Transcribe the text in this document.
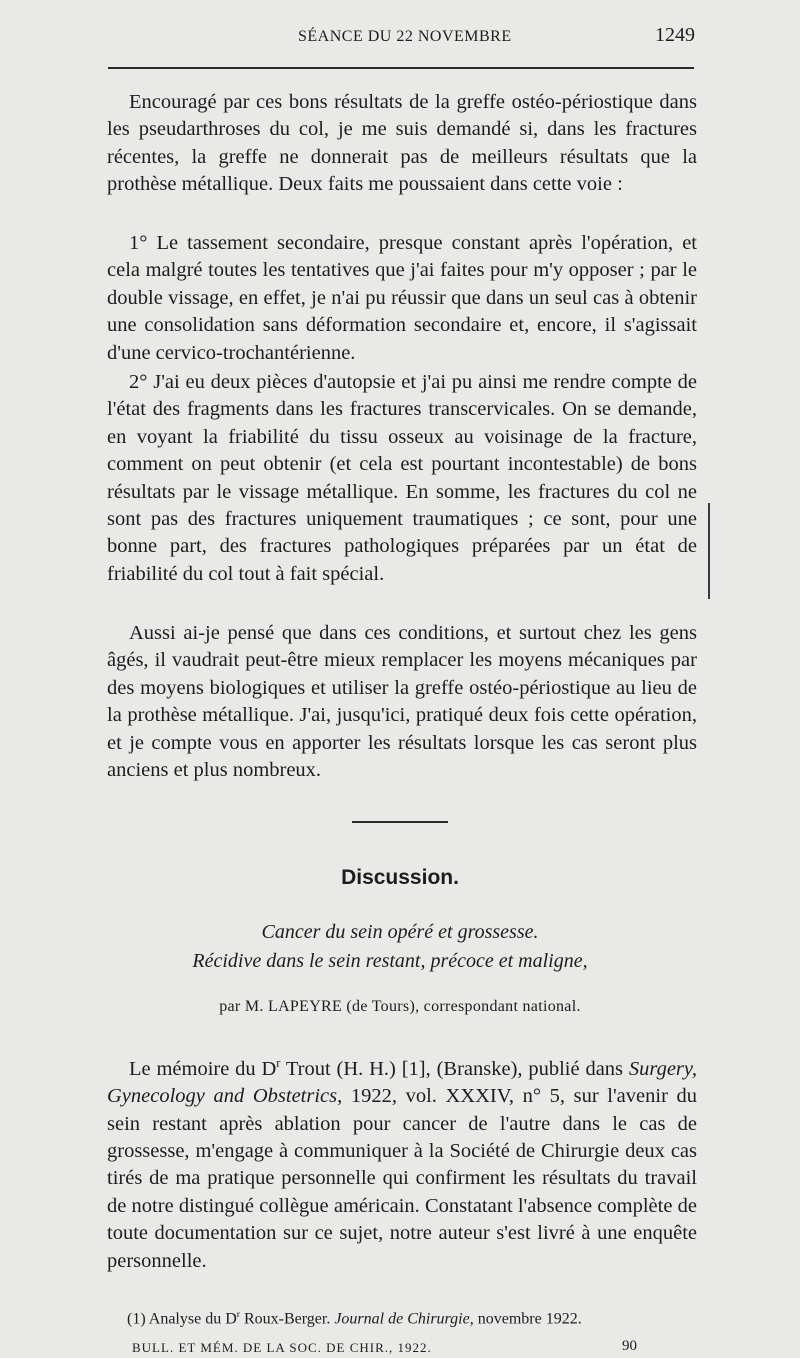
SÉANCE DU 22 NOVEMBRE	1249

Encouragé par ces bons résultats de la greffe ostéo-périostique dans les pseudarthroses du col, je me suis demandé si, dans les fractures récentes, la greffe ne donnerait pas de meilleurs résultats que la prothèse métallique. Deux faits me poussaient dans cette voie :

1° Le tassement secondaire, presque constant après l'opération, et cela malgré toutes les tentatives que j'ai faites pour m'y opposer ; par le double vissage, en effet, je n'ai pu réussir que dans un seul cas à obtenir une consolidation sans déformation secondaire et, encore, il s'agissait d'une cervico-trochantérienne.

2° J'ai eu deux pièces d'autopsie et j'ai pu ainsi me rendre compte de l'état des fragments dans les fractures transcervicales. On se demande, en voyant la friabilité du tissu osseux au voisinage de la fracture, comment on peut obtenir (et cela est pourtant incontestable) de bons résultats par le vissage métallique. En somme, les fractures du col ne sont pas des fractures uniquement traumatiques ; ce sont, pour une bonne part, des fractures pathologiques préparées par un état de friabilité du col tout à fait spécial.

Aussi ai-je pensé que dans ces conditions, et surtout chez les gens âgés, il vaudrait peut-être mieux remplacer les moyens mécaniques par des moyens biologiques et utiliser la greffe ostéo-périostique au lieu de la prothèse métallique. J'ai, jusqu'ici, pratiqué deux fois cette opération, et je compte vous en apporter les résultats lorsque les cas seront plus anciens et plus nombreux.

Discussion.
Cancer du sein opéré et grossesse.
Récidive dans le sein restant, précoce et maligne,
par M. LAPEYRE (de Tours), correspondant national.

Le mémoire du $D^r$ Trout (H. H.) [1], (Branske), publié dans Surgery, Gynecology and Obstetrics, 1922, vol. XXXIV, n° 5, sur l'avenir du sein restant après ablation pour cancer de l'autre dans le cas de grossesse, m'engage à communiquer à la Société de Chirurgie deux cas tirés de ma pratique personnelle qui confirment les résultats du travail de notre distingué collègue américain. Constatant l'absence complète de toute documentation sur ce sujet, notre auteur s'est livré à une enquête personnelle.

(1) Analyse du $D^r$ Roux-Berger. Journal de Chirurgie, novembre 1922.
BULL. ET MÉM. DE LA SOC. DE CHIR., 1922.	90
